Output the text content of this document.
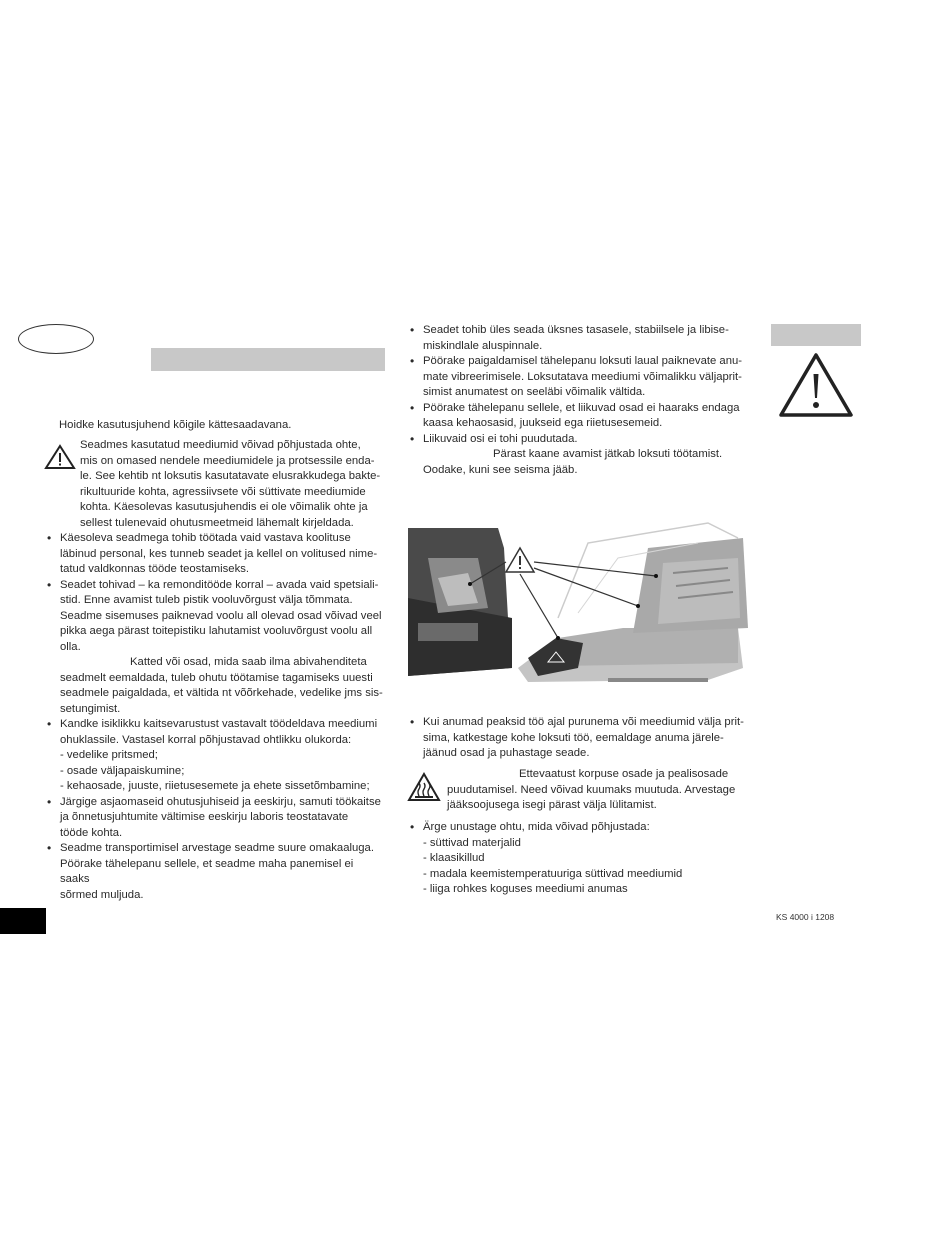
Hoidke kasutusjuhend kõigile kättesaadavana.
Seadmes kasutatud meediumid võivad põhjustada ohte,
mis on omased nendele meediumidele ja protsessile enda-
le. See kehtib nt loksutis kasutatavate elusrakkudega bakte-
rikultuuride kohta, agressiivsete või süttivate meediumide
kohta. Käesolevas kasutusjuhendis ei ole võimalik ohte ja
sellest tulenevaid ohutusmeetmeid lähemalt kirjeldada.
• Käesoleva seadmega tohib töötada vaid vastava koolituse
läbinud personal, kes tunneb seadet ja kellel on volitused nime-
tatud valdkonnas tööde teostamiseks.
• Seadet tohivad – ka remonditööde korral – avada vaid spetsiali-
stid. Enne avamist tuleb pistik vooluvõrgust välja tõmmata.
Seadme sisemuses paiknevad voolu all olevad osad võivad veel
pikka aega pärast toitepistiku lahutamist vooluvõrgust voolu all
olla.
Katted või osad, mida saab ilma abivahenditeta
seadmelt eemaldada, tuleb ohutu töötamise tagamiseks uuesti
seadmele paigaldada, et vältida nt võõrkehade, vedelike jms sis-
setungimist.
• Kandke isiklikku kaitsevarustust vastavalt töödeldava meediumi
ohuklassile. Vastasel korral põhjustavad ohtlikku olukorda:
- vedelike pritsmed;
- osade väljapaiskumine;
- kehaosade, juuste, riietusesemete ja ehete sissetõmbamine;
• Järgige asjaomaseid ohutusjuhiseid ja eeskirju, samuti töökaitse
ja õnnetusjuhtumite vältimise eeskirju laboris teostatavate
tööde kohta.
• Seadme transportimisel arvestage seadme suure omakaaluga.
Pöörake tähelepanu sellele, et seadme maha panemisel ei saaks
sõrmed muljuda.
• Seadet tohib üles seada üksnes tasasele, stabiilsele ja libise-
miskindlale aluspinnale.
• Pöörake paigaldamisel tähelepanu loksuti laual paiknevate anu-
mate vibreerimisele. Loksutatava meediumi võimalikku väljaprit-
simist anumatest on seeläbi võimalik vältida.
• Pöörake tähelepanu sellele, et liikuvad osad ei haaraks endaga
kaasa kehaosasid, juukseid ega riietusesemeid.
• Liikuvaid osi ei tohi puudutada.
Pärast kaane avamist jätkab loksuti töötamist.
Oodake, kuni see seisma jääb.
• Kui anumad peaksid töö ajal purunema või meediumid välja prit-
sima, katkestage kohe loksuti töö, eemaldage anuma järele-
jäänud osad ja puhastage seade.
Ettevaatust korpuse osade ja pealisosade
puudutamisel. Need võivad kuumaks muutuda. Arvestage
jääksoojusega isegi pärast välja lülitamist.
• Ärge unustage ohtu, mida võivad põhjustada:
- süttivad materjalid
- klaasikillud
- madala keemistemperatuuriga süttivad meediumid
- liiga rohkes koguses meediumi anumas
KS 4000 i 1208
